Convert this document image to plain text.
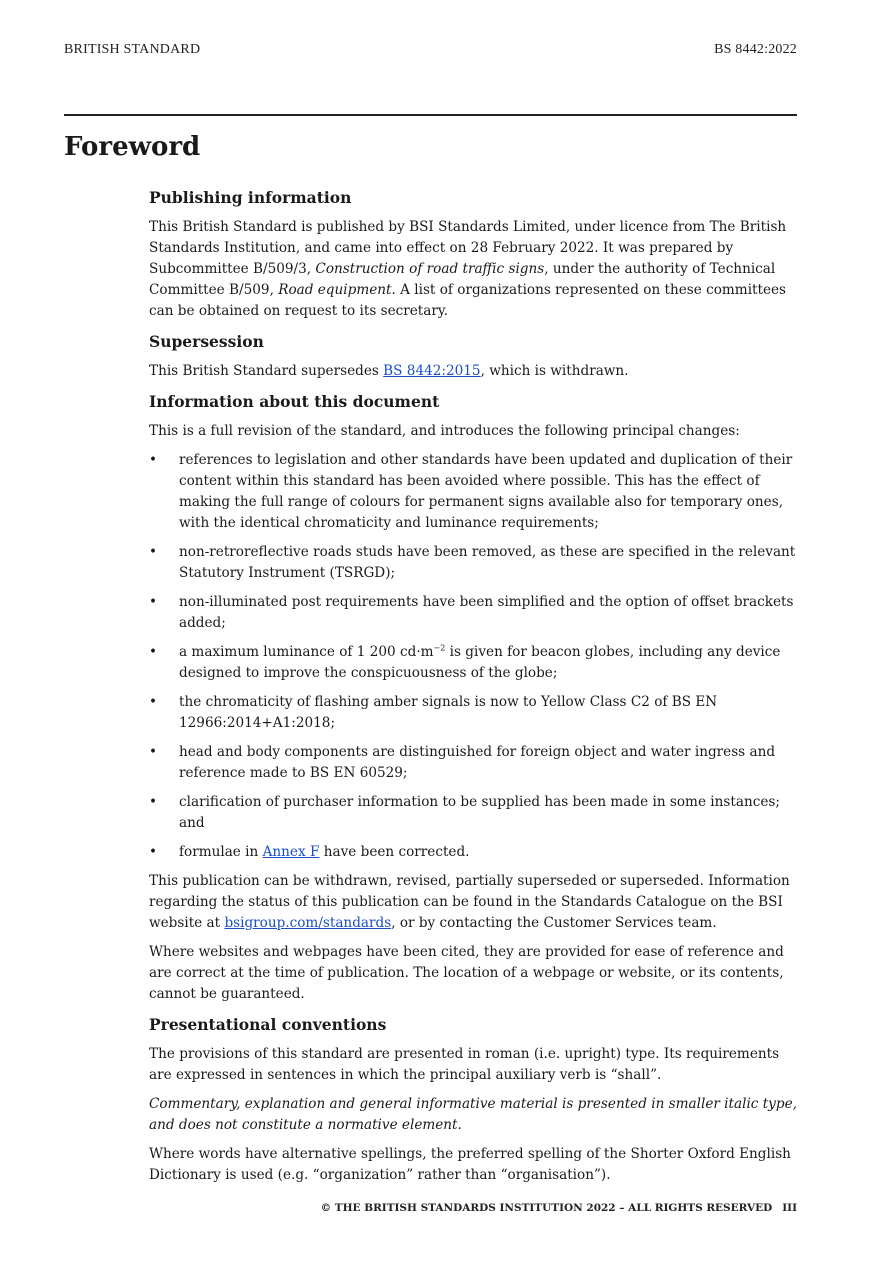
BRITISH STANDARD	BS 8442:2022
Foreword
Publishing information

This British Standard is published by BSI Standards Limited, under licence from The British Standards Institution, and came into effect on 28 February 2022. It was prepared by Subcommittee B/509/3, Construction of road traffic signs, under the authority of Technical Committee B/509, Road equipment. A list of organizations represented on these committees can be obtained on request to its secretary.

Supersession

This British Standard supersedes BS 8442:2015, which is withdrawn.

Information about this document

This is a full revision of the standard, and introduces the following principal changes:

• references to legislation and other standards have been updated and duplication of their content within this standard has been avoided where possible. This has the effect of making the full range of colours for permanent signs available also for temporary ones, with the identical chromaticity and luminance requirements;
• non-retroreflective roads studs have been removed, as these are specified in the relevant Statutory Instrument (TSRGD);
• non-illuminated post requirements have been simplified and the option of offset brackets added;
• a maximum luminance of 1 200 $cd\cdot m^{-2}$ is given for beacon globes, including any device designed to improve the conspicuousness of the globe;
• the chromaticity of flashing amber signals is now to Yellow Class C2 of BS EN 12966:2014+A1:2018;
• head and body components are distinguished for foreign object and water ingress and reference made to BS EN 60529;
• clarification of purchaser information to be supplied has been made in some instances; and
• formulae in Annex F have been corrected.

This publication can be withdrawn, revised, partially superseded or superseded. Information regarding the status of this publication can be found in the Standards Catalogue on the BSI website at bsigroup.com/standards, or by contacting the Customer Services team.

Where websites and webpages have been cited, they are provided for ease of reference and are correct at the time of publication. The location of a webpage or website, or its contents, cannot be guaranteed.

Presentational conventions

The provisions of this standard are presented in roman (i.e. upright) type. Its requirements are expressed in sentences in which the principal auxiliary verb is “shall”.

Commentary, explanation and general informative material is presented in smaller italic type, and does not constitute a normative element.

Where words have alternative spellings, the preferred spelling of the Shorter Oxford English Dictionary is used (e.g. “organization” rather than “organisation”).

© THE BRITISH STANDARDS INSTITUTION 2022 – ALL RIGHTS RESERVED III
